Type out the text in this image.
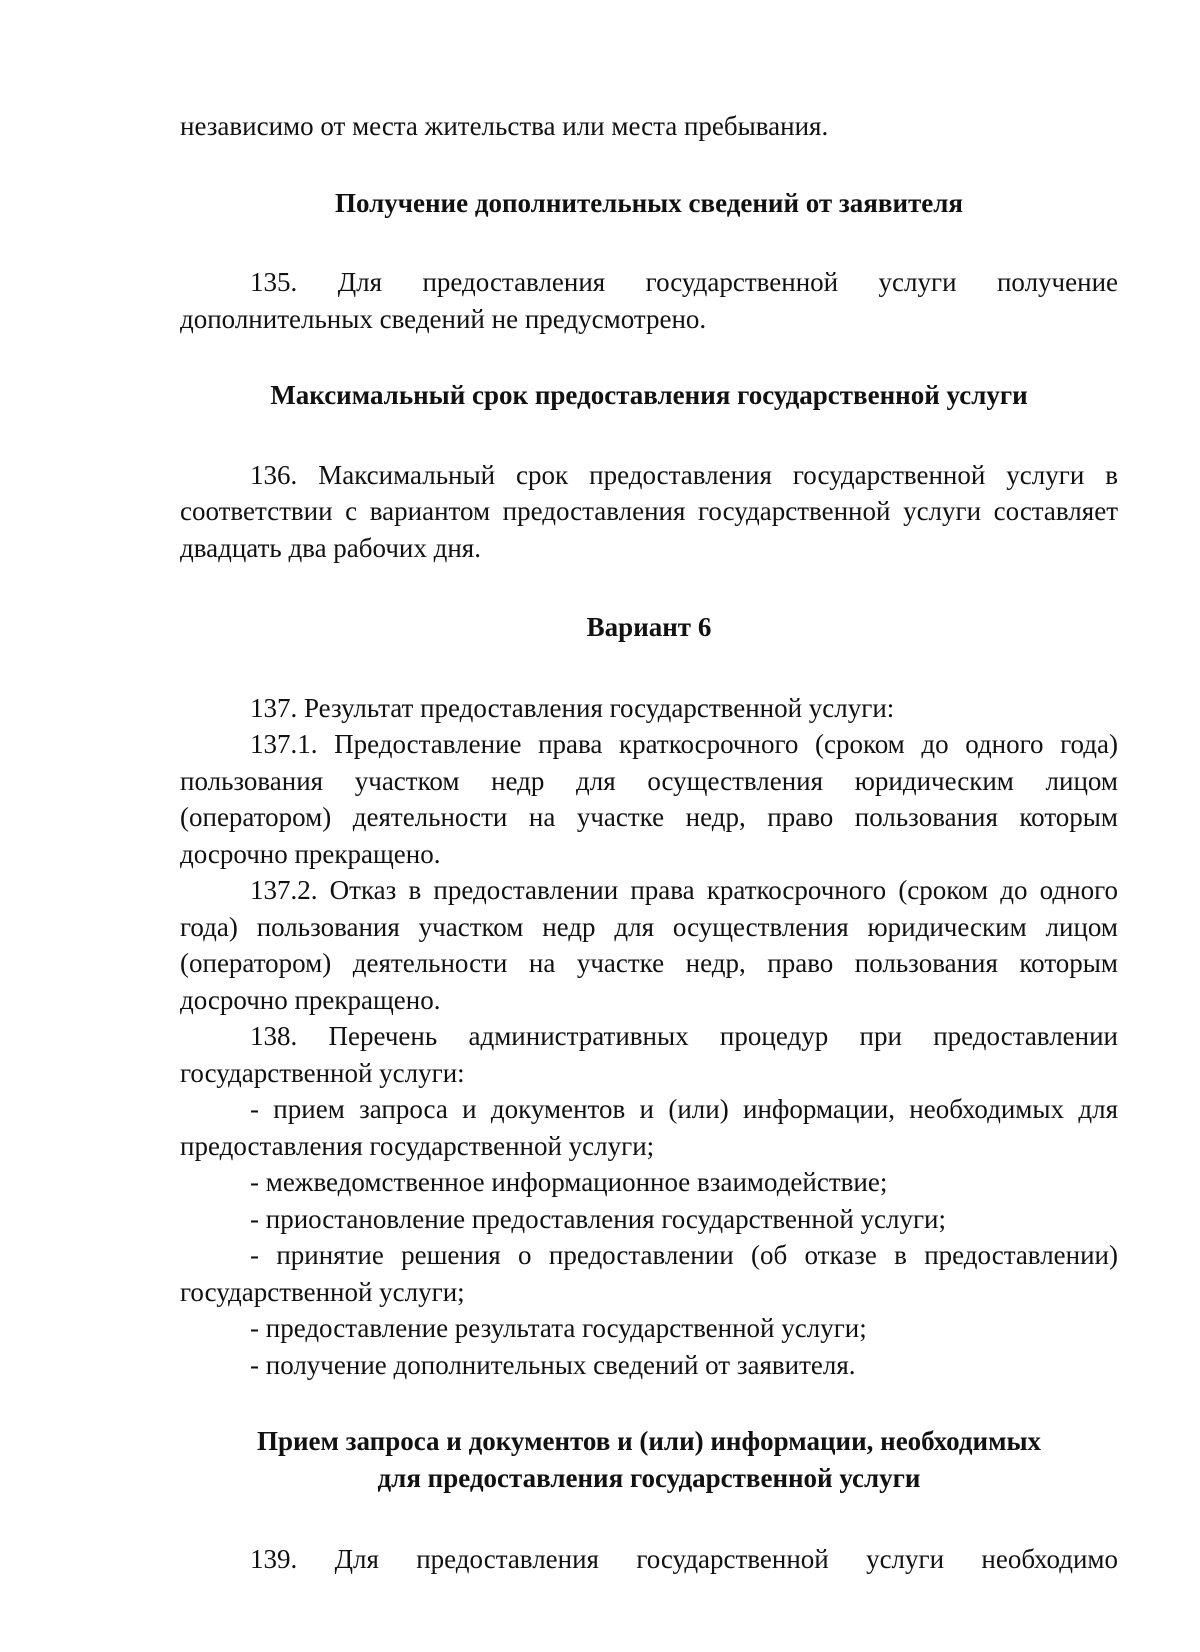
независимо от места жительства или места пребывания.

Получение дополнительных сведений от заявителя

135. Для предоставления государственной услуги получение дополнительных сведений не предусмотрено.

Максимальный срок предоставления государственной услуги

136. Максимальный срок предоставления государственной услуги в соответствии с вариантом предоставления государственной услуги составляет двадцать два рабочих дня.

Вариант 6

137. Результат предоставления государственной услуги:

137.1. Предоставление права краткосрочного (сроком до одного года) пользования участком недр для осуществления юридическим лицом (оператором) деятельности на участке недр, право пользования которым досрочно прекращено.

137.2. Отказ в предоставлении права краткосрочного (сроком до одного года) пользования участком недр для осуществления юридическим лицом (оператором) деятельности на участке недр, право пользования которым досрочно прекращено.

138. Перечень административных процедур при предоставлении государственной услуги:

- прием запроса и документов и (или) информации, необходимых для предоставления государственной услуги;

- межведомственное информационное взаимодействие;

- приостановление предоставления государственной услуги;

- принятие решения о предоставлении (об отказе в предоставлении) государственной услуги;

- предоставление результата государственной услуги;

- получение дополнительных сведений от заявителя.

Прием запроса и документов и (или) информации, необходимых
для предоставления государственной услуги

139. Для предоставления государственной услуги необходимо
